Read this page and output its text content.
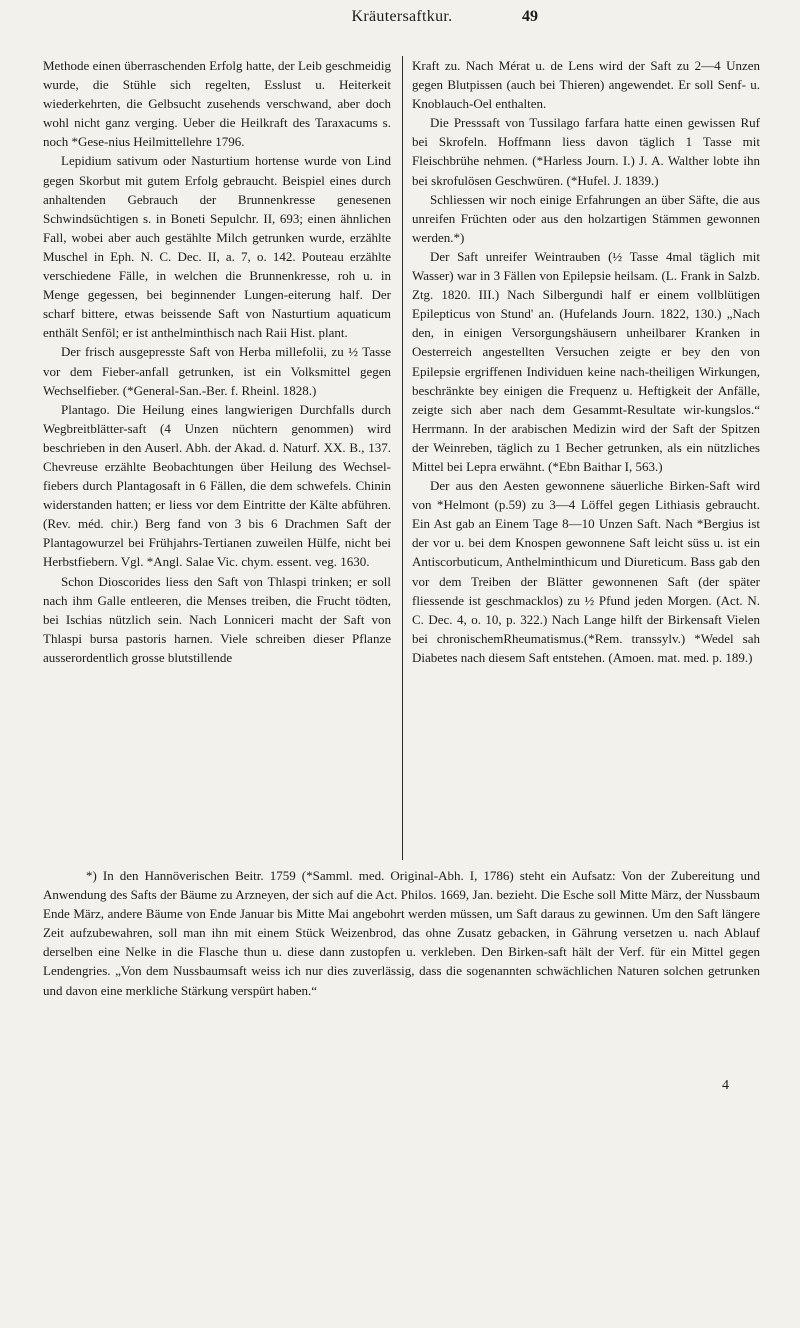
Kräutersaftkur.	49

Methode einen überraschenden Erfolg hatte, der Leib geschmeidig wurde, die Stühle sich regelten, Esslust u. Heiterkeit wiederkehrten, die Gelbsucht zusehends verschwand, aber doch wohl nicht ganz verging. Ueber die Heilkraft des Taraxacums s. noch *Gese-nius Heilmittellehre 1796.

Lepidium sativum oder Nasturtium hortense wurde von Lind gegen Skorbut mit gutem Erfolg gebraucht. Beispiel eines durch anhaltenden Gebrauch der Brunnenkresse genesenen Schwindsüchtigen s. in Boneti Sepulchr. II, 693; einen ähnlichen Fall, wobei aber auch gestählte Milch getrunken wurde, erzählte Muschel in Eph. N. C. Dec. II, a. 7, o. 142. Pouteau erzählte verschiedene Fälle, in welchen die Brunnenkresse, roh u. in Menge gegessen, bei beginnender Lungen-eiterung half. Der scharf bittere, etwas beissende Saft von Nasturtium aquaticum enthält Senföl; er ist anthelminthisch nach Raii Hist. plant.

Der frisch ausgepresste Saft von Herba millefolii, zu ½ Tasse vor dem Fieber-anfall getrunken, ist ein Volksmittel gegen Wechselfieber. (*General-San.-Ber. f. Rheinl. 1828.)

Plantago. Die Heilung eines langwierigen Durchfalls durch Wegbreitblätter-saft (4 Unzen nüchtern genommen) wird beschrieben in den Auserl. Abh. der Akad. d. Naturf. XX. B., 137. Chevreuse erzählte Beobachtungen über Heilung des Wechsel-fiebers durch Plantagosaft in 6 Fällen, die dem schwefels. Chinin widerstanden hatten; er liess vor dem Eintritte der Kälte abführen. (Rev. méd. chir.) Berg fand von 3 bis 6 Drachmen Saft der Plantagowurzel bei Frühjahrs-Tertianen zuweilen Hülfe, nicht bei Herbstfiebern. Vgl. *Angl. Salae Vic. chym. essent. veg. 1630.

Schon Dioscorides liess den Saft von Thlaspi trinken; er soll nach ihm Galle entleeren, die Menses treiben, die Frucht tödten, bei Ischias nützlich sein. Nach Lonniceri macht der Saft von Thlaspi bursa pastoris harnen. Viele schreiben dieser Pflanze ausserordentlich grosse blutstillende

Kraft zu. Nach Mérat u. de Lens wird der Saft zu 2—4 Unzen gegen Blutpissen (auch bei Thieren) angewendet. Er soll Senf- u. Knoblauch-Oel enthalten.

Die Presssaft von Tussilago farfara hatte einen gewissen Ruf bei Skrofeln. Hoffmann liess davon täglich 1 Tasse mit Fleischbrühe nehmen. (*Harless Journ. I.) J. A. Walther lobte ihn bei skrofulösen Geschwüren. (*Hufel. J. 1839.)

Schliessen wir noch einige Erfahrungen an über Säfte, die aus unreifen Früchten oder aus den holzartigen Stämmen gewonnen werden.*)

Der Saft unreifer Weintrauben (½ Tasse 4mal täglich mit Wasser) war in 3 Fällen von Epilepsie heilsam. (L. Frank in Salzb. Ztg. 1820. III.) Nach Silbergundi half er einem vollblütigen Epilepticus von Stund' an. (Hufelands Journ. 1822, 130.) „Nach den, in einigen Versorgungshäusern unheilbarer Kranken in Oesterreich angestellten Versuchen zeigte er bey den von Epilepsie ergriffenen Individuen keine nach-theiligen Wirkungen, beschränkte bey einigen die Frequenz u. Heftigkeit der Anfälle, zeigte sich aber nach dem Gesammt-Resultate wir-kungslos.“ Herrmann. In der arabischen Medizin wird der Saft der Spitzen der Weinreben, täglich zu 1 Becher getrunken, als ein nützliches Mittel bei Lepra erwähnt. (*Ebn Baithar I, 563.)

Der aus den Aesten gewonnene säuerliche Birken-Saft wird von *Helmont (p.59) zu 3—4 Löffel gegen Lithiasis gebraucht. Ein Ast gab an Einem Tage 8—10 Unzen Saft. Nach *Bergius ist der vor u. bei dem Knospen gewonnene Saft leicht süss u. ist ein Antiscorbuticum, Anthelminthicum und Diureticum. Bass gab den vor dem Treiben der Blätter gewonnenen Saft (der später fliessende ist geschmacklos) zu ½ Pfund jeden Morgen. (Act. N. C. Dec. 4, o. 10, p. 322.) Nach Lange hilft der Birkensaft Vielen bei chronischemRheumatismus.(*Rem. transsylv.) *Wedel sah Diabetes nach diesem Saft entstehen. (Amoen. mat. med. p. 189.)

*) In den Hannöverischen Beitr. 1759 (*Samml. med. Original-Abh. I, 1786) steht ein Aufsatz: Von der Zubereitung und Anwendung des Safts der Bäume zu Arzneyen, der sich auf die Act. Philos. 1669, Jan. bezieht. Die Esche soll Mitte März, der Nussbaum Ende März, andere Bäume von Ende Januar bis Mitte Mai angebohrt werden müssen, um Saft daraus zu gewinnen. Um den Saft längere Zeit aufzubewahren, soll man ihn mit einem Stück Weizenbrod, das ohne Zusatz gebacken, in Gährung versetzen u. nach Ablauf derselben eine Nelke in die Flasche thun u. diese dann zustopfen u. verkleben. Den Birken-saft hält der Verf. für ein Mittel gegen Lendengries. „Von dem Nussbaumsaft weiss ich nur dies zuverlässig, dass die sogenannten schwächlichen Naturen solchen getrunken und davon eine merkliche Stärkung verspürt haben.“

4
